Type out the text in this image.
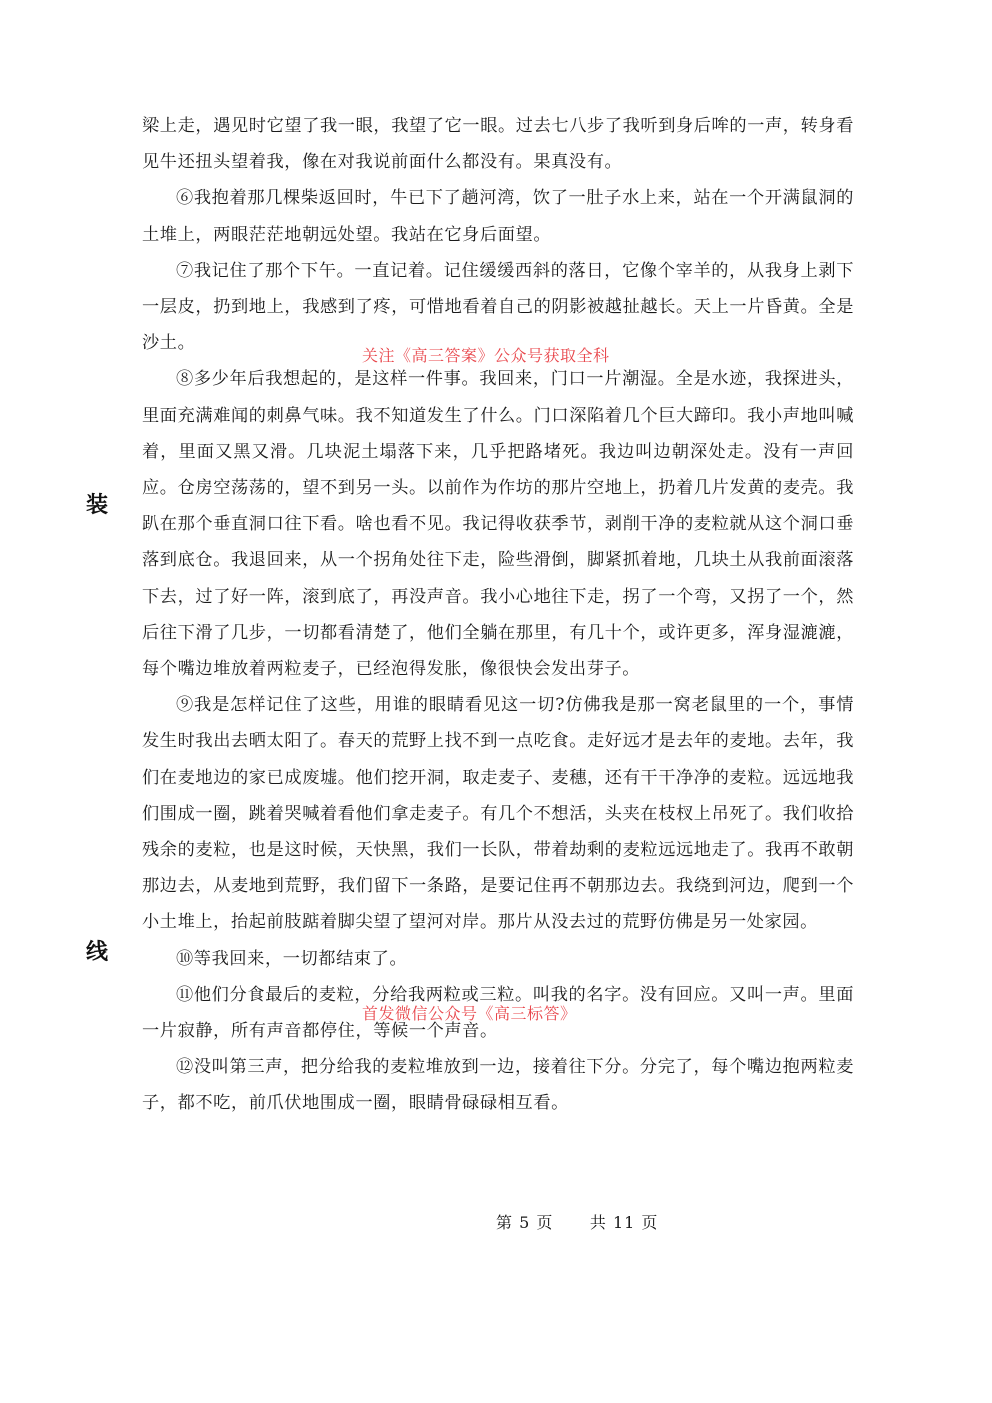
装
线

梁上走，遇见时它望了我一眼，我望了它一眼。过去七八步了我听到身后哞的一声，转身看见牛还扭头望着我，像在对我说前面什么都没有。果真没有。

⑥我抱着那几棵柴返回时，牛已下了趟河湾，饮了一肚子水上来，站在一个开满鼠洞的土堆上，两眼茫茫地朝远处望。我站在它身后面望。

⑦我记住了那个下午。一直记着。记住缓缓西斜的落日，它像个宰羊的，从我身上剥下一层皮，扔到地上，我感到了疼，可惜地看着自己的阴影被越扯越长。天上一片昏黄。全是沙土。

⑧多少年后我想起的，是这样一件事。我回来，门口一片潮湿。全是水迹，我探进头，里面充满难闻的刺鼻气味。我不知道发生了什么。门口深陷着几个巨大蹄印。我小声地叫喊着，里面又黑又滑。几块泥土塌落下来，几乎把路堵死。我边叫边朝深处走。没有一声回应。仓房空荡荡的，望不到另一头。以前作为作坊的那片空地上，扔着几片发黄的麦壳。我趴在那个垂直洞口往下看。啥也看不见。我记得收获季节，剥削干净的麦粒就从这个洞口垂落到底仓。我退回来，从一个拐角处往下走，险些滑倒，脚紧抓着地，几块土从我前面滚落下去，过了好一阵，滚到底了，再没声音。我小心地往下走，拐了一个弯，又拐了一个，然后往下滑了几步，一切都看清楚了，他们全躺在那里，有几十个，或许更多，浑身湿漉漉，每个嘴边堆放着两粒麦子，已经泡得发胀，像很快会发出芽子。

⑨我是怎样记住了这些，用谁的眼睛看见这一切?仿佛我是那一窝老鼠里的一个，事情发生时我出去晒太阳了。春天的荒野上找不到一点吃食。走好远才是去年的麦地。去年，我们在麦地边的家已成废墟。他们挖开洞，取走麦子、麦穗，还有干干净净的麦粒。远远地我们围成一圈，跳着哭喊着看他们拿走麦子。有几个不想活，头夹在枝杈上吊死了。我们收拾残余的麦粒，也是这时候，天快黑，我们一长队，带着劫剩的麦粒远远地走了。我再不敢朝那边去，从麦地到荒野，我们留下一条路，是要记住再不朝那边去。我绕到河边，爬到一个小土堆上，抬起前肢踮着脚尖望了望河对岸。那片从没去过的荒野仿佛是另一处家园。

⑩等我回来，一切都结束了。

⑪他们分食最后的麦粒，分给我两粒或三粒。叫我的名字。没有回应。又叫一声。里面一片寂静，所有声音都停住，等候一个声音。

⑫没叫第三声，把分给我的麦粒堆放到一边，接着往下分。分完了，每个嘴边抱两粒麦子，都不吃，前爪伏地围成一圈，眼睛骨碌碌相互看。

关注《高三答案》公众号获取全科
首发微信公众号《高三标答》
第 5 页      共 11 页
